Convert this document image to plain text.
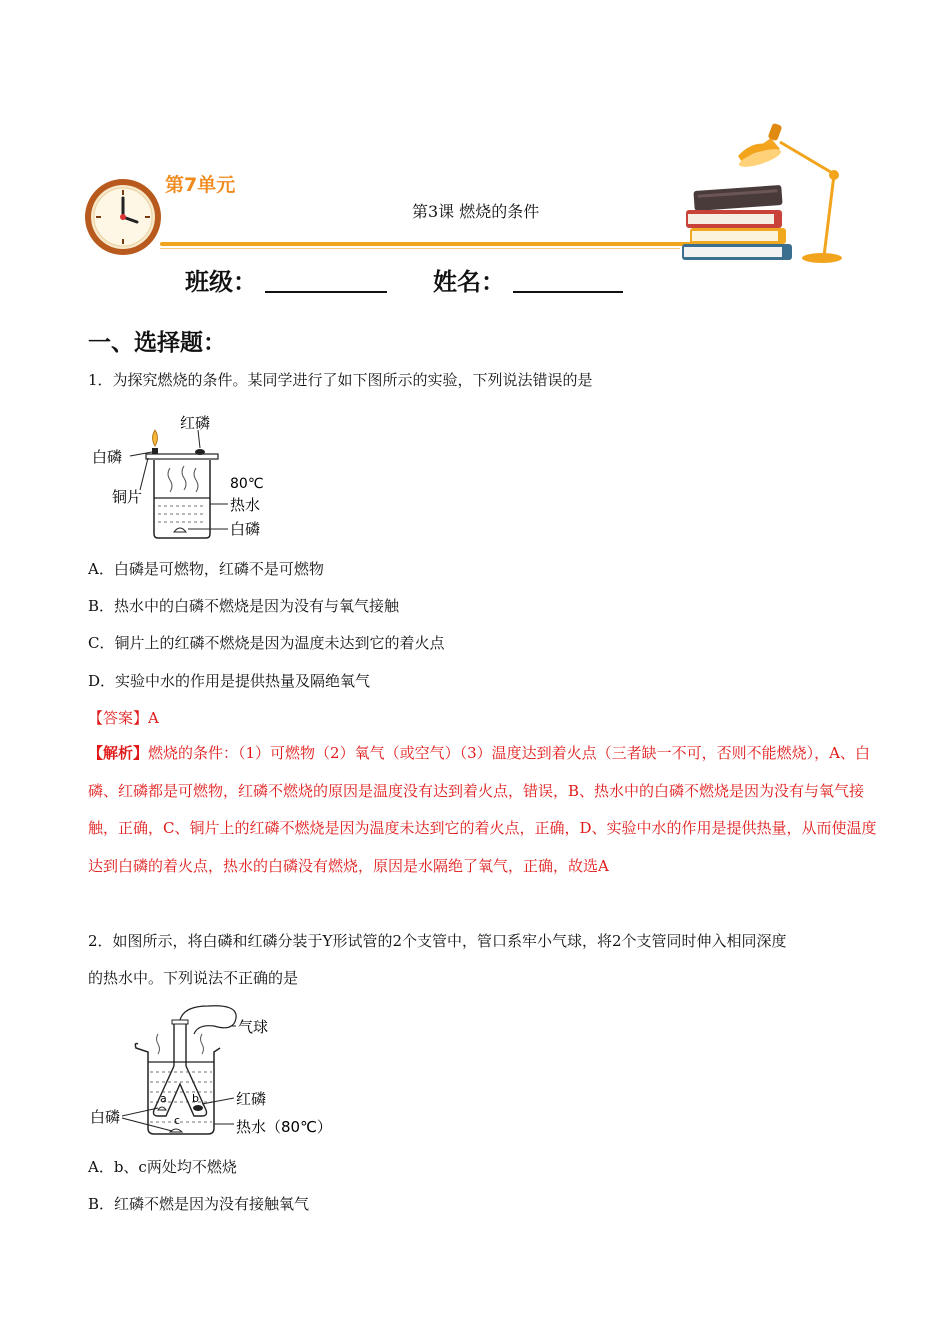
第7单元
第3课 燃烧的条件
班级：	姓名：
一、选择题：
1．为探究燃烧的条件。某同学进行了如下图所示的实验，下列说法错误的是
红磷
白磷
铜片
80℃
热水
白磷
A．白磷是可燃物，红磷不是可燃物
B．热水中的白磷不燃烧是因为没有与氧气接触
C．铜片上的红磷不燃烧是因为温度未达到它的着火点
D．实验中水的作用是提供热量及隔绝氧气
【答案】A

【解析】燃烧的条件：（1）可燃物（2）氧气（或空气）（3）温度达到着火点（三者缺一不可，否则不能燃烧），A、白磷、红磷都是可燃物，红磷不燃烧的原因是温度没有达到着火点，错误，B、热水中的白磷不燃烧是因为没有与氧气接触，正确，C、铜片上的红磷不燃烧是因为温度未达到它的着火点，正确，D、实验中水的作用是提供热量，从而使温度达到白磷的着火点，热水的白磷没有燃烧，原因是水隔绝了氧气，正确，故选A

2．如图所示，将白磷和红磷分装于Y形试管的2个支管中，管口系牢小气球，将2个支管同时伸入相同深度
的热水中。下列说法不正确的是
a b
c
气球
红磷
白磷
热水（80℃）
A．b、c两处均不燃烧
B．红磷不燃是因为没有接触氧气
